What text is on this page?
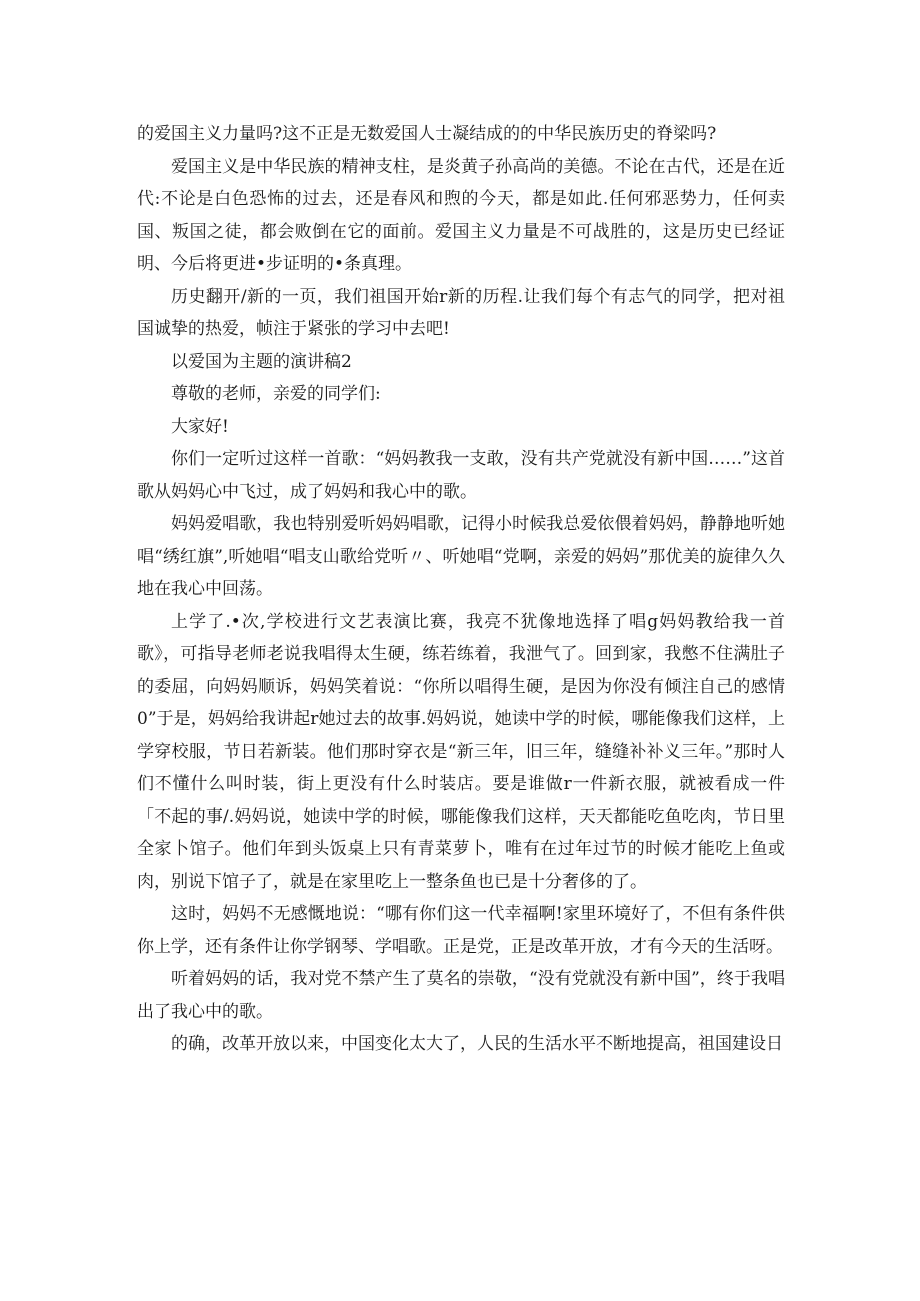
的爱国主义力量吗?这不正是无数爱国人士凝结成的的中华民族历史的脊梁吗?

爱国主义是中华民族的精神支柱，是炎黄子孙高尚的美德。不论在古代，还是在近代:不论是白色恐怖的过去，还是春风和煦的今天，都是如此.任何邪恶势力，任何卖国、叛国之徒，都会败倒在它的面前。爱国主义力量是不可战胜的，这是历史已经证明、今后将更进•步证明的•条真理。

历史翻开/新的一页，我们祖国开始r新的历程.让我们每个有志气的同学，把对祖国诚挚的热爱，帧注于紧张的学习中去吧!

以爱国为主题的演讲稿2

尊敬的老师，亲爱的同学们:

大家好!

你们一定听过这样一首歌：“妈妈教我一支敢，没有共产党就没有新中国……”这首歌从妈妈心中飞过，成了妈妈和我心中的歌。

妈妈爱唱歌，我也特别爱听妈妈唱歌，记得小时候我总爱依偎着妈妈，静静地听她唱“绣红旗”,听她唱“唱支山歌给党听〃、听她唱“党啊，亲爱的妈妈”那优美的旋律久久地在我心中回荡。

上学了.•次,学校进行文艺表演比赛，我亮不犹像地选择了唱g妈妈教给我一首歌》，可指导老师老说我唱得太生硬，练若练着，我泄气了。回到家，我憋不住满肚子的委屈，向妈妈顺诉，妈妈笑着说：“你所以唱得生硬，是因为你没有倾注自己的感情0”于是，妈妈给我讲起r她过去的故事.妈妈说，她读中学的时候，哪能像我们这样，上学穿校服，节日若新装。他们那时穿衣是“新三年，旧三年，缝缝补补义三年。”那时人们不懂什么叫时装，街上更没有什么时装店。要是谁做r一件新衣服，就被看成一件「不起的事/.妈妈说，她读中学的时候，哪能像我们这样，天天都能吃鱼吃肉，节日里全家卜馆子。他们年到头饭桌上只有青菜萝卜，唯有在过年过节的时候才能吃上鱼或肉，别说下馆子了，就是在家里吃上一整条鱼也已是十分奢侈的了。

这时，妈妈不无感慨地说：“哪有你们这一代幸福啊!家里环境好了，不但有条件供你上学，还有条件让你学钢琴、学唱歌。正是党，正是改革开放，才有今天的生活呀。

听着妈妈的话，我对党不禁产生了莫名的崇敬，“没有党就没有新中国”，终于我唱出了我心中的歌。

的确，改革开放以来，中国变化太大了，人民的生活水平不断地提高，祖国建设日
